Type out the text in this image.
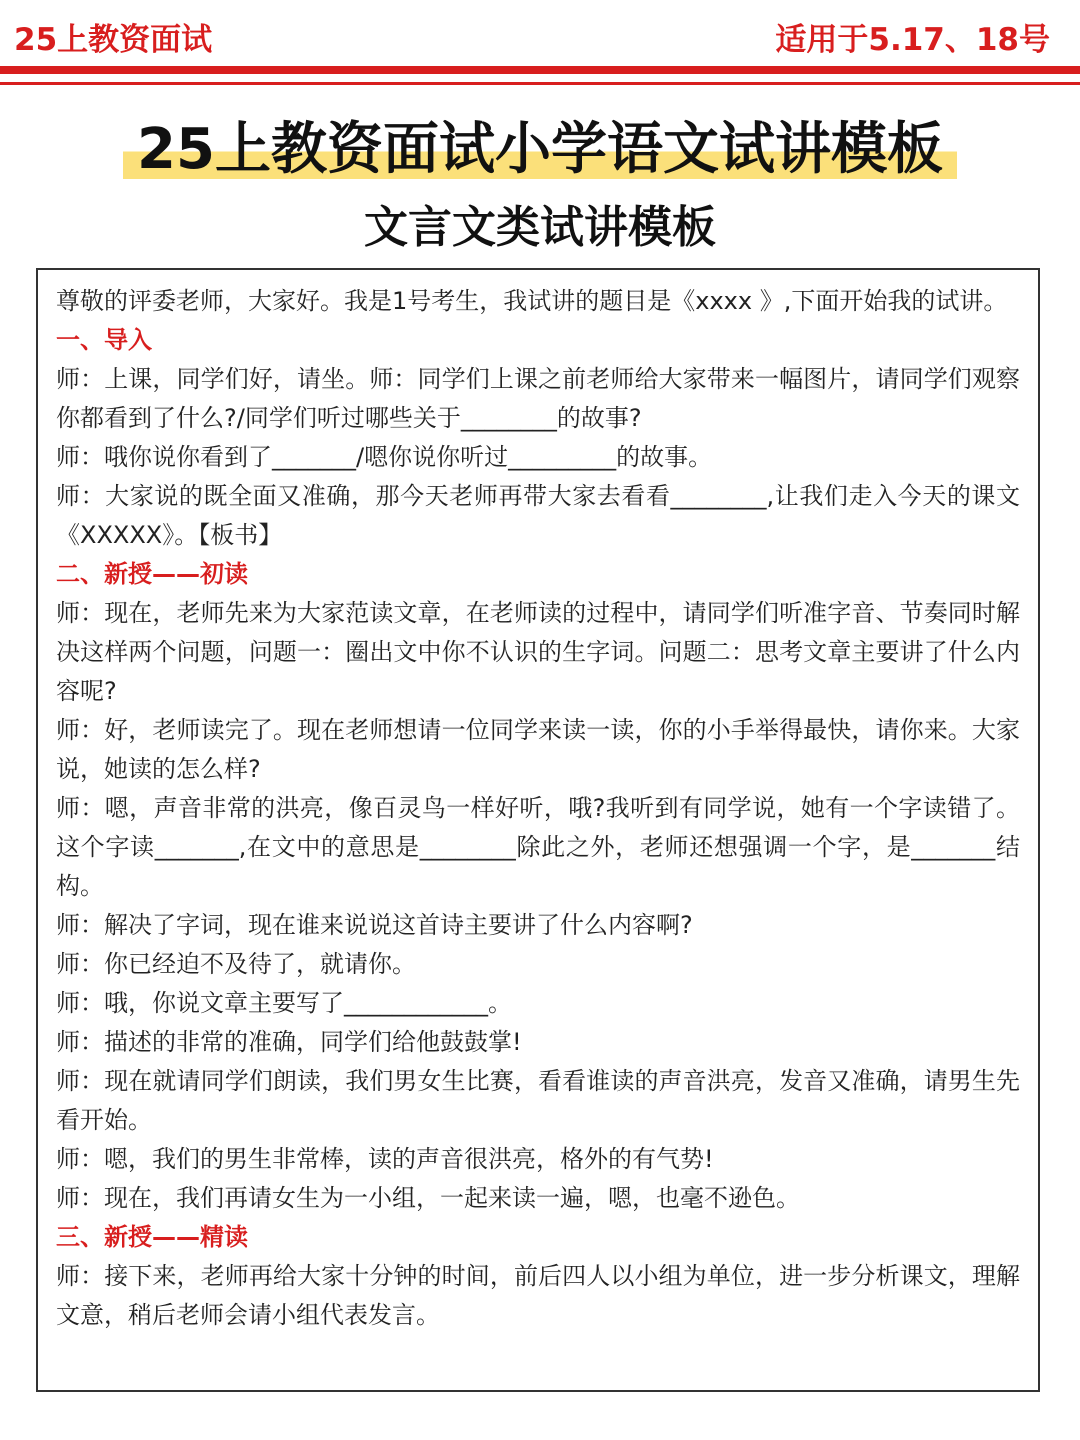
25上教资面试	适用于5.17、18号
25上教资面试小学语文试讲模板
文言文类试讲模板

尊敬的评委老师，大家好。我是1号考生，我试讲的题目是《xxxx 》,下面开始我的试讲。

一、导入

师：上课，同学们好，请坐。师：同学们上课之前老师给大家带来一幅图片，请同学们观察你都看到了什么?/同学们听过哪些关于________的故事?

师：哦你说你看到了_______/嗯你说你听过_________的故事。

师：大家说的既全面又准确，那今天老师再带大家去看看________,让我们走入今天的课文《XXXXX》。【板书】

二、新授——初读

师：现在，老师先来为大家范读文章，在老师读的过程中，请同学们听准字音、节奏同时解决这样两个问题，问题一：圈出文中你不认识的生字词。问题二：思考文章主要讲了什么内容呢?

师：好，老师读完了。现在老师想请一位同学来读一读，你的小手举得最快，请你来。大家说，她读的怎么样?

师：嗯，声音非常的洪亮，像百灵鸟一样好听，哦?我听到有同学说，她有一个字读错了。这个字读_______,在文中的意思是________除此之外，老师还想强调一个字，是_______结构。

师：解决了字词，现在谁来说说这首诗主要讲了什么内容啊?

师：你已经迫不及待了，就请你。

师：哦，你说文章主要写了____________。

师：描述的非常的准确，同学们给他鼓鼓掌!

师：现在就请同学们朗读，我们男女生比赛，看看谁读的声音洪亮，发音又准确，请男生先看开始。

师：嗯，我们的男生非常棒，读的声音很洪亮，格外的有气势!

师：现在，我们再请女生为一小组，一起来读一遍，嗯，也毫不逊色。

三、新授——精读

师：接下来，老师再给大家十分钟的时间，前后四人以小组为单位，进一步分析课文，理解文意，稍后老师会请小组代表发言。
